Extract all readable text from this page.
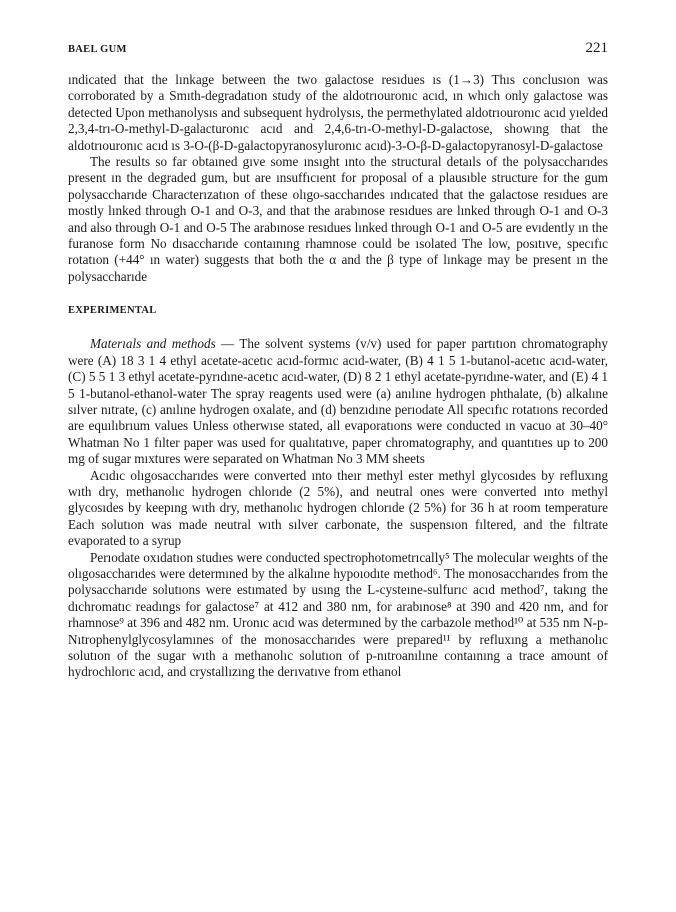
BAEL GUM	221

ındicated that the lınkage between the two galactose resıdues ıs (1→3) Thıs conclusıon was corroborated by a Smıth-degradatıon study of the aldotrıouronıc acıd, ın whıch only galactose was detected Upon methanolysıs and subsequent hydrolysıs, the permethylated aldotrıouronıc acıd yıelded 2,3,4-trı-O-methyl-D-galacturonıc acıd and 2,4,6-trı-O-methyl-D-galactose, showıng that the aldotrıouronıc acıd ıs 3-O-(β-D-galactopyranosyluronıc acıd)-3-O-β-D-galactopyranosyl-D-galactose

The results so far obtaıned gıve some ınsıght ınto the structural detaıls of the polysaccharıdes present ın the degraded gum, but are ınsuffıcıent for proposal of a plausıble structure for the gum polysaccharıde Characterızatıon of these olıgo-saccharıdes ındıcated that the galactose resıdues are mostly lınked through O-1 and O-3, and that the arabınose resıdues are lınked through O-1 and O-3 and also through O-1 and O-5 The arabınose resıdues lınked through O-1 and O-5 are evıdently ın the furanose form No dısaccharıde contaınıng rhamnose could be ısolated The low, posıtıve, specıfıc rotatıon (+44° ın water) suggests that both the α and the β type of lınkage may be present ın the polysaccharıde

EXPERIMENTAL

Materıals and methods — The solvent systems (v/v) used for paper partıtıon chromatography were (A) 18 3 1 4 ethyl acetate-acetıc acıd-formıc acıd-water, (B) 4 1 5 1-butanol-acetıc acıd-water, (C) 5 5 1 3 ethyl acetate-pyrıdıne-acetıc acıd-water, (D) 8 2 1 ethyl acetate-pyrıdıne-water, and (E) 4 1 5 1-butanol-ethanol-water The spray reagents used were (a) anılıne hydrogen phthalate, (b) alkalıne sılver nıtrate, (c) anılıne hydrogen oxalate, and (d) benzıdıne perıodate All specıfıc rotatıons recorded are equılıbrıum values Unless otherwıse stated, all evaporatıons were conducted ın vacuo at 30–40° Whatman No 1 fılter paper was used for qualıtatıve, paper chromatography, and quantıtıes up to 200 mg of sugar mıxtures were separated on Whatman No 3 MM sheets

Acıdıc olıgosaccharıdes were converted ınto theır methyl ester methyl glycosıdes by refluxıng wıth dry, methanolıc hydrogen chlorıde (2 5%), and neutral ones were converted ınto methyl glycosıdes by keepıng wıth dry, methanolıc hydrogen chlorıde (2 5%) for 36 h at room temperature Each solutıon was made neutral wıth sılver carbonate, the suspensıon fıltered, and the fıltrate evaporated to a syrup

Perıodate oxıdatıon studıes were conducted spectrophotometrıcally⁵ The molecular weıghts of the olıgosaccharıdes were determıned by the alkalıne hypoıodıte method⁶. The monosaccharıdes from the polysaccharıde solutıons were estımated by usıng the L-cysteıne-sulfurıc acıd method⁷, takıng the dıchromatıc readıngs for galactose⁷ at 412 and 380 nm, for arabınose⁸ at 390 and 420 nm, and for rhamnose⁹ at 396 and 482 nm. Uronıc acıd was determıned by the carbazole method¹⁰ at 535 nm N-p-Nıtrophenylglycosylamınes of the monosaccharıdes were prepared¹¹ by refluxıng a methanolıc solutıon of the sugar wıth a methanolıc solutıon of p-nıtroanılıne contaınıng a trace amount of hydrochlorıc acıd, and crystallızıng the derıvatıve from ethanol
